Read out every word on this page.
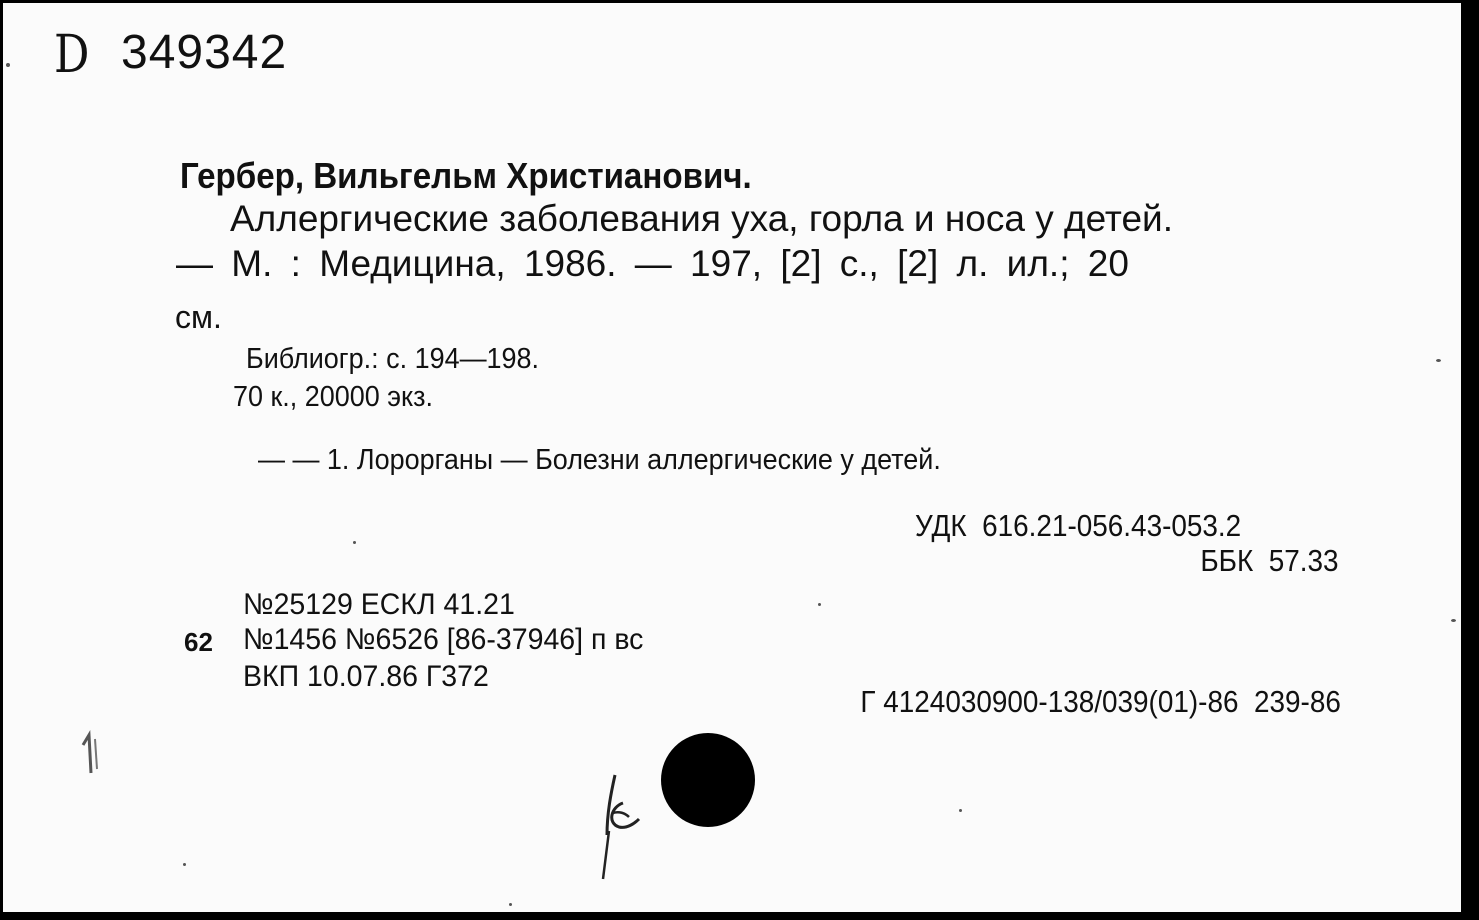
D 349342
Гербер, Вильгельм Христианович.
Аллергические заболевания уха, горла и носа у детей.
— М. : Медицина, 1986. — 197, [2] с., [2] л. ил.; 20
см.
Библиогр.: с. 194—198.
70 к., 20000 экз.
— — 1. Лорорганы — Болезни аллергические у детей.
УДК  616.21-056.43-053.2
ББК  57.33
№25129 ЕСКЛ 41.21
62 №1456 №6526 [86-37946] п вс
ВКП 10.07.86 Г372
Г 4124030900-138/039(01)-86  239-86
